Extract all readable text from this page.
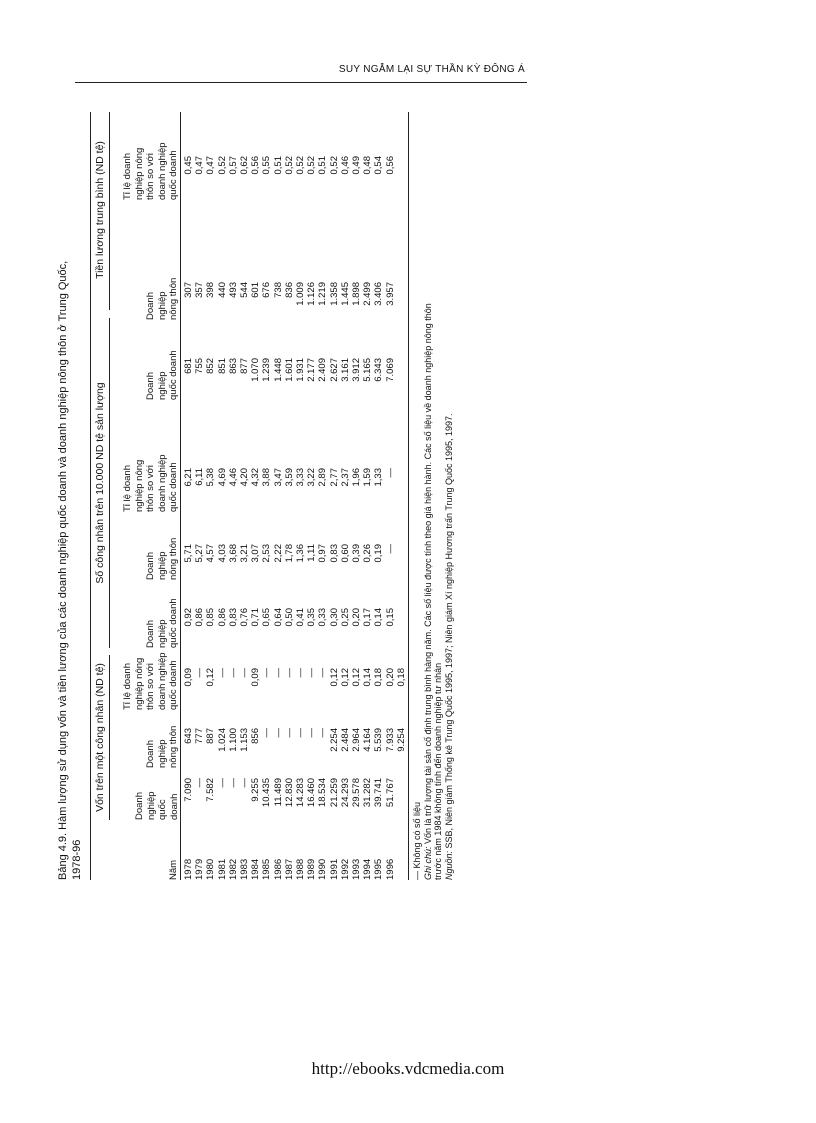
SUY NGẪM LẠI SỰ THẦN KỲ ĐÔNG Á
Bảng 4.9. Hàm lượng sử dụng vốn và tiền lương của các doanh nghiệp quốc doanh và doanh nghiệp nông thôn ở Trung Quốc, 1978-96
Vốn trên một công nhân (ND tệ)
Số công nhân trên 10.000 ND tệ sản lượng
Tiền lương trung bình (ND tệ)
Năm
Doanh
nghiệp
quốc
doanh
Doanh
nghiệp
nông thôn
Tỉ lệ doanh
nghiệp nông
thôn so với
doanh nghiệp
quốc doanh
Doanh
nghiệp
quốc doanh
Doanh
nghiệp
nông thôn
Tỉ lệ doanh
nghiệp nông
thôn so với
doanh nghiệp
quốc doanh
Doanh
nghiệp
quốc doanh
Doanh
nghiệp
nông thôn
Tỉ lệ doanh
nghiệp nông
thôn so với
doanh nghiệp
quốc doanh
1978 1979 1980 1981 1982 1983 1984 1985 1986 1987 1988 1989 1990 1991 1992 1993 1994 1995 1996
7.090 — 7.582 — — — 9.255 10.435 11.489 12.830 14.283 16.460 18.534 21.259 24.293 29.578 31.282 39.741 51.767
643 777 887 1.024 1.100 1.153 856 — — — — — — 2.254 2.484 2.964 4.164 5.539 7.933 9.254
0,09 — 0,12 — — — 0,09 — — — — — — 0,12 0,12 0,12 0,14 0,18 0,20 0,18
0,92 0,86 0,85 0,86 0,83 0,76 0,71 0,65 0,64 0,50 0,41 0,35 0,33 0,30 0,25 0,20 0,17 0,14 0,15
5,71 5,27 4,57 4,03 3,68 3,21 3,07 2,53 2,22 1,78 1,36 1,11 0,97 0,83 0,60 0,39 0,26 0,19 —
6,21 6,11 5,38 4,69 4,46 4,20 4,32 3,88 3,47 3,59 3,33 3,22 2,89 2,77 2,37 1,96 1,59 1,33 —
681 755 852 851 863 877 1.070 1.239 1.448 1.601 1.931 2.177 2.409 2.627 3.161 3.912 5.165 6.343 7.069
307 357 398 440 493 544 601 676 738 836 1.009 1.126 1.219 1.358 1.445 1.898 2.499 3.406 3.957
0,45 0,47 0,47 0,52 0,57 0,62 0,56 0,55 0,51 0,52 0,52 0,52 0,51 0,52 0,46 0,49 0,48 0,54 0,56
— Không có số liệu Ghi chú: Vốn là trữ lượng tài sản cố định trung bình hàng năm. Các số liệu được tính theo giá hiện hành. Các số liệu về doanh nghiệp nông thôn trước năm 1984 không tính đến doanh nghiệp tư nhân Nguồn: SSB, Niên giám Thống kê Trung Quốc 1995, 1997; Niên giám Xí nghiệp Hương trấn Trung Quốc 1995, 1997.
http://ebooks.vdcmedia.com
